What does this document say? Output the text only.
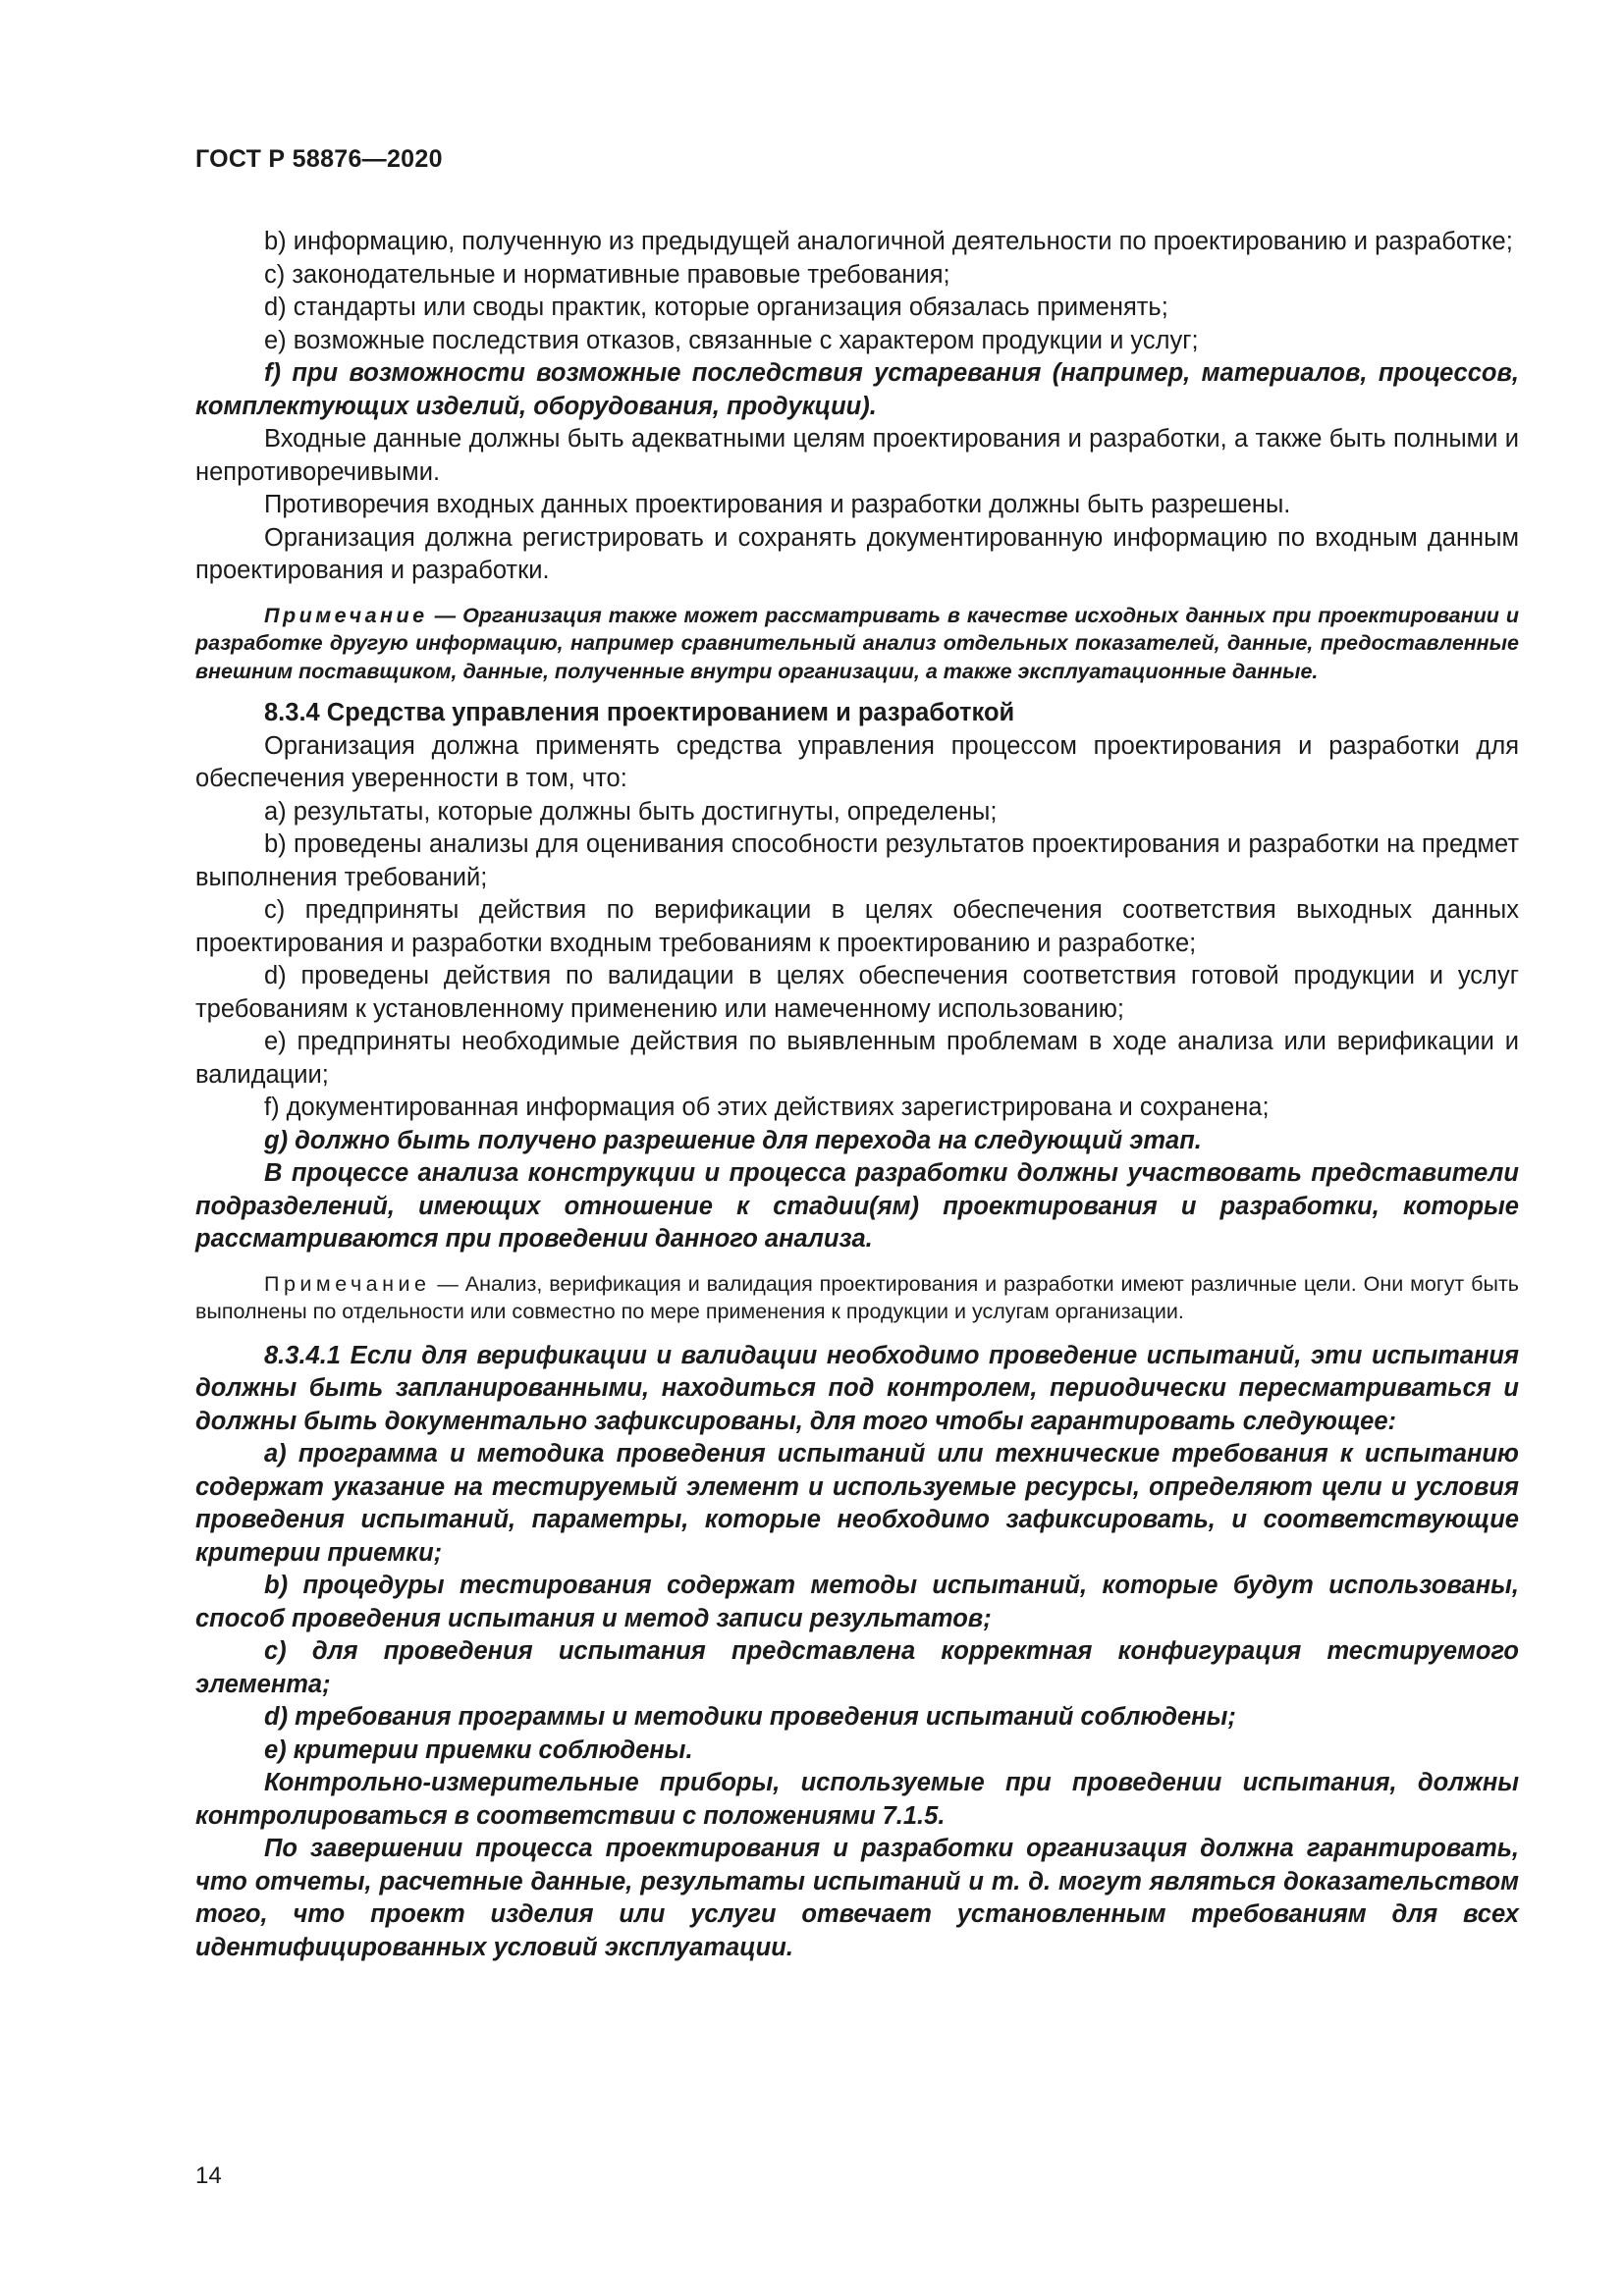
ГОСТ Р 58876—2020

b) информацию, полученную из предыдущей аналогичной деятельности по проектированию и разработке;

c) законодательные и нормативные правовые требования;

d) стандарты или своды практик, которые организация обязалась применять;

e) возможные последствия отказов, связанные с характером продукции и услуг;

f) при возможности возможные последствия устаревания (например, материалов, процессов, комплектующих изделий, оборудования, продукции).

Входные данные должны быть адекватными целям проектирования и разработки, а также быть полными и непротиворечивыми.

Противоречия входных данных проектирования и разработки должны быть разрешены.

Организация должна регистрировать и сохранять документированную информацию по входным данным проектирования и разработки.

Примечание — Организация также может рассматривать в качестве исходных данных при проектировании и разработке другую информацию, например сравнительный анализ отдельных показателей, данные, предоставленные внешним поставщиком, данные, полученные внутри организации, а также эксплуатационные данные.

8.3.4 Средства управления проектированием и разработкой

Организация должна применять средства управления процессом проектирования и разработки для обеспечения уверенности в том, что:

a) результаты, которые должны быть достигнуты, определены;

b) проведены анализы для оценивания способности результатов проектирования и разработки на предмет выполнения требований;

c) предприняты действия по верификации в целях обеспечения соответствия выходных данных проектирования и разработки входным требованиям к проектированию и разработке;

d) проведены действия по валидации в целях обеспечения соответствия готовой продукции и услуг требованиям к установленному применению или намеченному использованию;

e) предприняты необходимые действия по выявленным проблемам в ходе анализа или верификации и валидации;

f) документированная информация об этих действиях зарегистрирована и сохранена;

g) должно быть получено разрешение для перехода на следующий этап.

В процессе анализа конструкции и процесса разработки должны участвовать представители подразделений, имеющих отношение к стадии(ям) проектирования и разработки, которые рассматриваются при проведении данного анализа.

Примечание — Анализ, верификация и валидация проектирования и разработки имеют различные цели. Они могут быть выполнены по отдельности или совместно по мере применения к продукции и услугам организации.

8.3.4.1 Если для верификации и валидации необходимо проведение испытаний, эти испытания должны быть запланированными, находиться под контролем, периодически пересматриваться и должны быть документально зафиксированы, для того чтобы гарантировать следующее:

a) программа и методика проведения испытаний или технические требования к испытанию содержат указание на тестируемый элемент и используемые ресурсы, определяют цели и условия проведения испытаний, параметры, которые необходимо зафиксировать, и соответствующие критерии приемки;

b) процедуры тестирования содержат методы испытаний, которые будут использованы, способ проведения испытания и метод записи результатов;

c) для проведения испытания представлена корректная конфигурация тестируемого элемента;

d) требования программы и методики проведения испытаний соблюдены;

e) критерии приемки соблюдены.

Контрольно-измерительные приборы, используемые при проведении испытания, должны контролироваться в соответствии с положениями 7.1.5.

По завершении процесса проектирования и разработки организация должна гарантировать, что отчеты, расчетные данные, результаты испытаний и т. д. могут являться доказательством того, что проект изделия или услуги отвечает установленным требованиям для всех идентифицированных условий эксплуатации.

14
